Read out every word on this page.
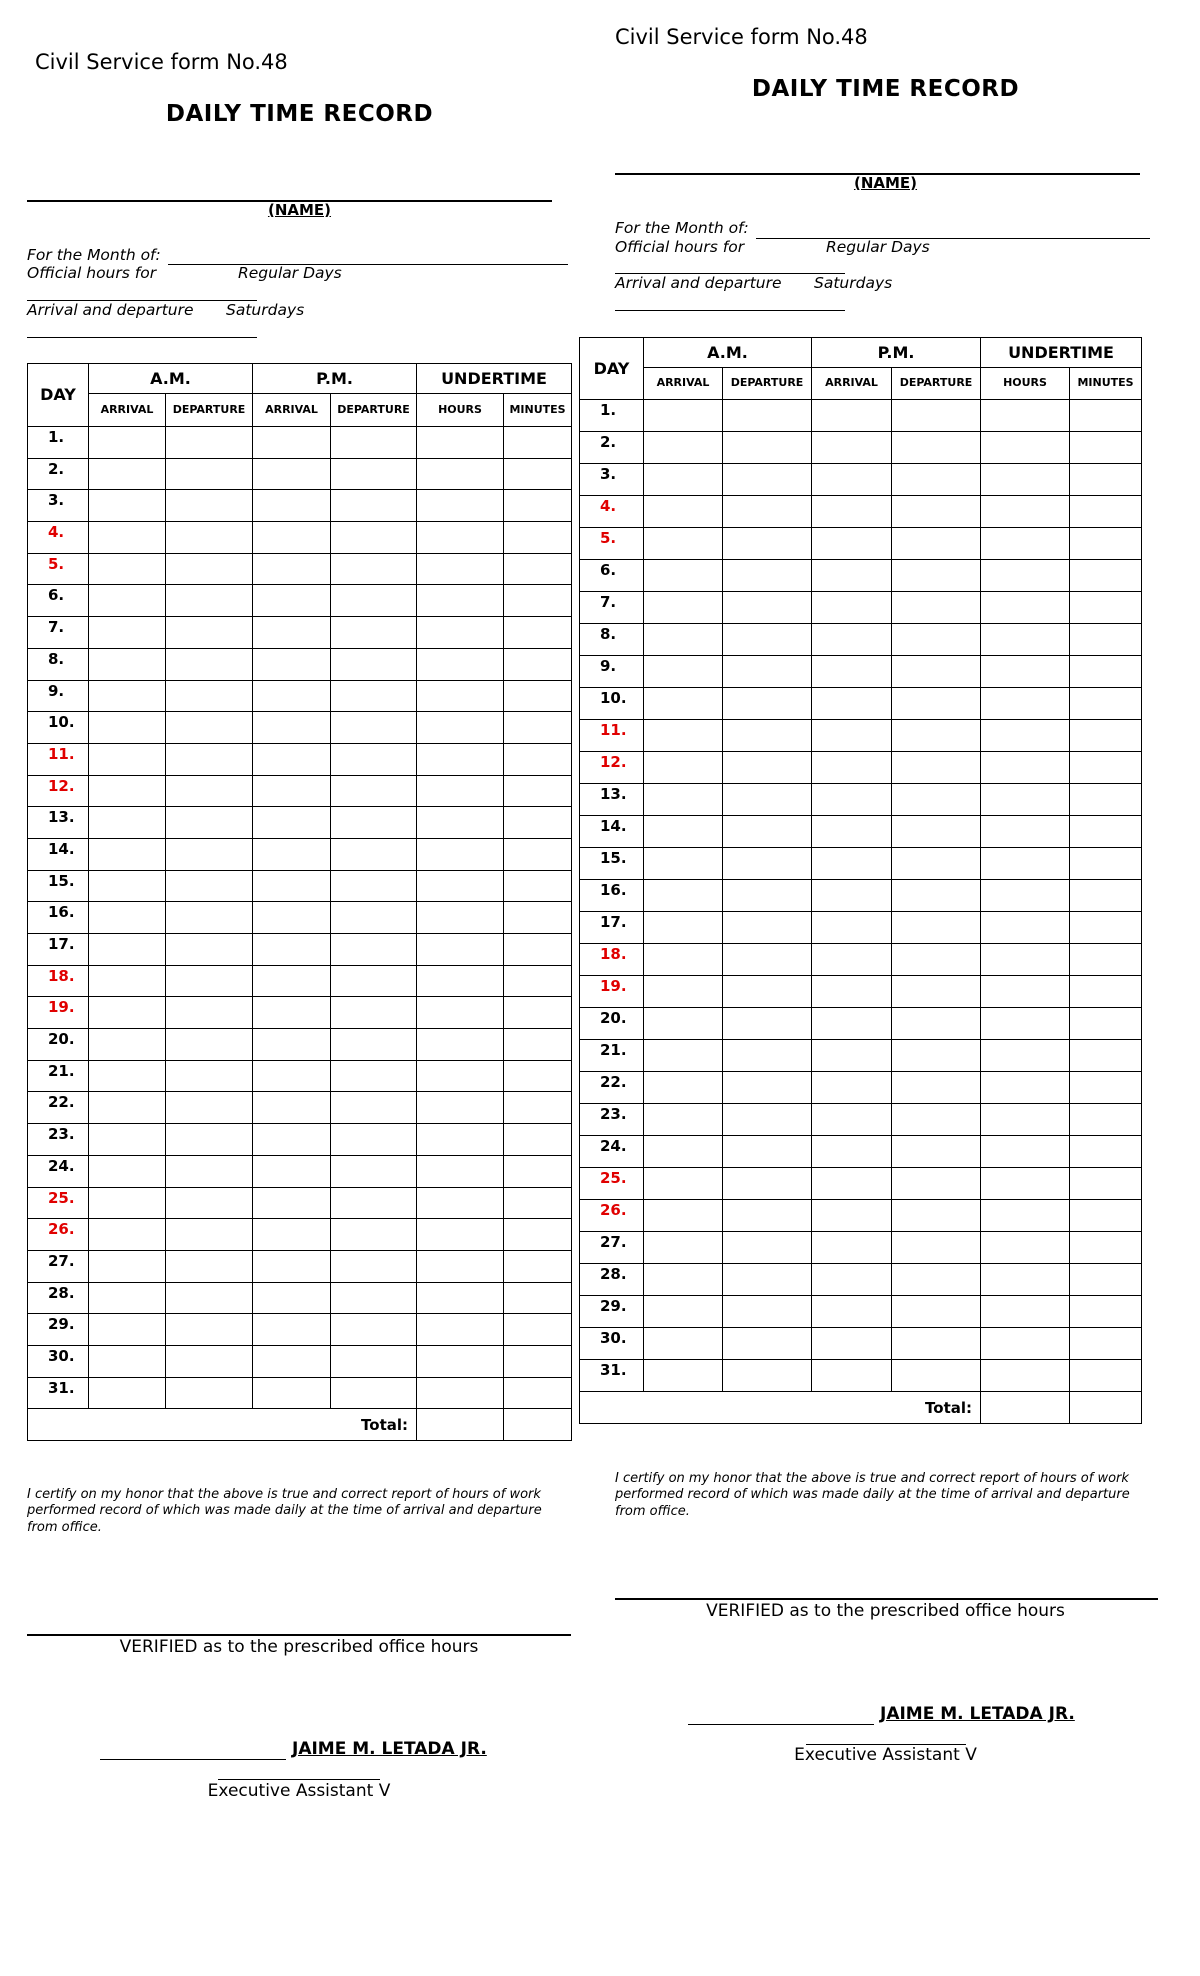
Civil Service form No.48
DAILY TIME RECORD
(NAME)
For the Month of:
Official hours for	Regular Days
Arrival and departure Saturdays
DAY	A.M.		P.M.		UNDERTIME	
	ARRIVAL	DEPARTURE	ARRIVAL	DEPARTURE	HOURS	MINUTES
1.						
2.						
3.						
4.						
5.						
6.						
7.						
8.						
9.						
10.						
11.						
12.						
13.						
14.						
15.						
16.						
17.						
18.						
19.						
20.						
21.						
22.						
23.						
24.						
25.						
26.						
27.						
28.						
29.						
30.						
31.						
Total:						
I certify on my honor that the above is true and correct report of hours of work performed record of which was made daily at the time of arrival and departure from office.
VERIFIED as to the prescribed office hours
JAIME M. LETADA JR.
Executive Assistant V
Civil Service form No.48
DAILY TIME RECORD
(NAME)
For the Month of:
Official hours for	Regular Days
Arrival and departure Saturdays
DAY	A.M.		P.M.		UNDERTIME	
	ARRIVAL	DEPARTURE	ARRIVAL	DEPARTURE	HOURS	MINUTES
1.						
2.						
3.						
4.						
5.						
6.						
7.						
8.						
9.						
10.						
11.						
12.						
13.						
14.						
15.						
16.						
17.						
18.						
19.						
20.						
21.						
22.						
23.						
24.						
25.						
26.						
27.						
28.						
29.						
30.						
31.						
Total:						
I certify on my honor that the above is true and correct report of hours of work performed record of which was made daily at the time of arrival and departure from office.
VERIFIED as to the prescribed office hours
JAIME M. LETADA JR.
Executive Assistant V
